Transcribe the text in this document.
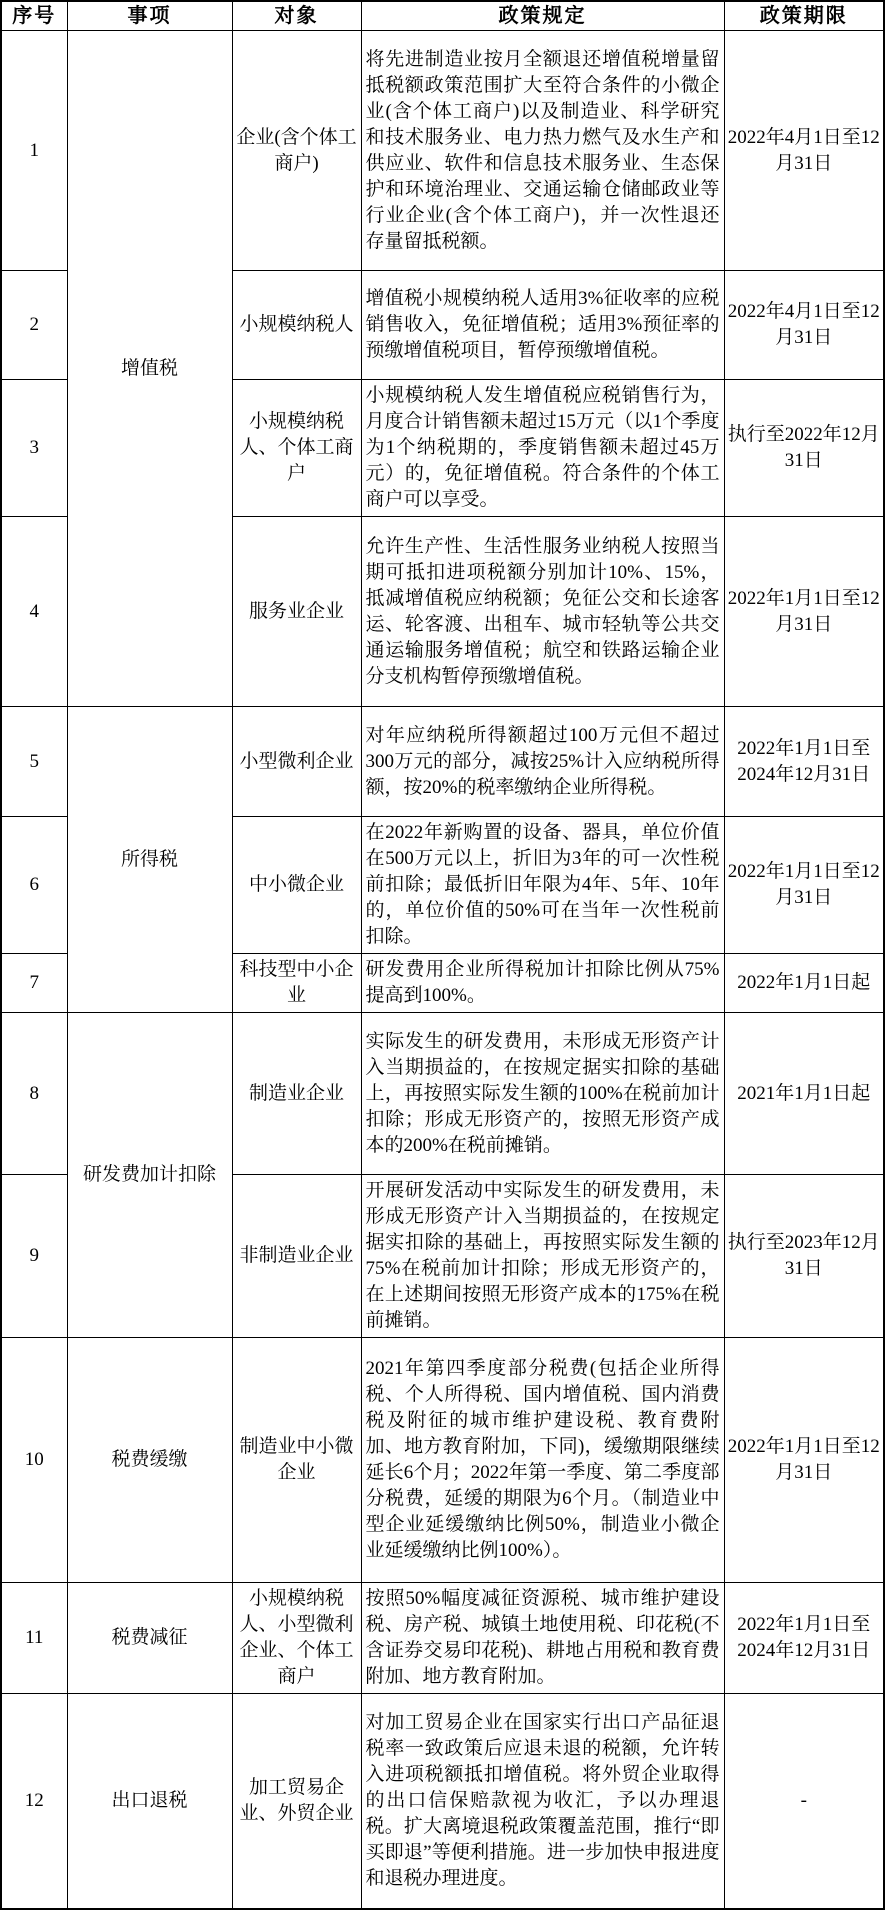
序号	事项	对象	政策规定	政策期限
1	增值税	企业(含个体工商户)	将先进制造业按月全额退还增值税增量留抵税额政策范围扩大至符合条件的小微企业(含个体工商户)以及制造业、科学研究和技术服务业、电力热力燃气及水生产和供应业、软件和信息技术服务业、生态保护和环境治理业、交通运输仓储邮政业等行业企业(含个体工商户)，并一次性退还存量留抵税额。	2022年4月1日至12月31日
2		小规模纳税人	增值税小规模纳税人适用3%征收率的应税销售收入，免征增值税；适用3%预征率的预缴增值税项目，暂停预缴增值税。	2022年4月1日至12月31日
3		小规模纳税人、个体工商户	小规模纳税人发生增值税应税销售行为，月度合计销售额未超过15万元（以1个季度为1个纳税期的，季度销售额未超过45万元）的，免征增值税。符合条件的个体工商户可以享受。	执行至2022年12月31日
4		服务业企业	允许生产性、生活性服务业纳税人按照当期可抵扣进项税额分别加计10%、15%，抵减增值税应纳税额；免征公交和长途客运、轮客渡、出租车、城市轻轨等公共交通运输服务增值税；航空和铁路运输企业分支机构暂停预缴增值税。	2022年1月1日至12月31日
5	所得税	小型微利企业	对年应纳税所得额超过100万元但不超过300万元的部分，减按25%计入应纳税所得额，按20%的税率缴纳企业所得税。	2022年1月1日至2024年12月31日
6		中小微企业	在2022年新购置的设备、器具，单位价值在500万元以上，折旧为3年的可一次性税前扣除；最低折旧年限为4年、5年、10年的，单位价值的50%可在当年一次性税前扣除。	2022年1月1日至12月31日
7		科技型中小企业	研发费用企业所得税加计扣除比例从75%提高到100%。	2022年1月1日起
8	研发费加计扣除	制造业企业	实际发生的研发费用，未形成无形资产计入当期损益的，在按规定据实扣除的基础上，再按照实际发生额的100%在税前加计扣除；形成无形资产的，按照无形资产成本的200%在税前摊销。	2021年1月1日起
9		非制造业企业	开展研发活动中实际发生的研发费用，未形成无形资产计入当期损益的，在按规定据实扣除的基础上，再按照实际发生额的75%在税前加计扣除；形成无形资产的，在上述期间按照无形资产成本的175%在税前摊销。	执行至2023年12月31日
10	税费缓缴	制造业中小微企业	2021年第四季度部分税费(包括企业所得税、个人所得税、国内增值税、国内消费税及附征的城市维护建设税、教育费附加、地方教育附加，下同)，缓缴期限继续延长6个月；2022年第一季度、第二季度部分税费，延缓的期限为6个月。（制造业中型企业延缓缴纳比例50%，制造业小微企业延缓缴纳比例100%）。	2022年1月1日至12月31日
11	税费减征	小规模纳税人、小型微利企业、个体工商户	按照50%幅度减征资源税、城市维护建设税、房产税、城镇土地使用税、印花税(不含证券交易印花税)、耕地占用税和教育费附加、地方教育附加。	2022年1月1日至2024年12月31日
12	出口退税	加工贸易企业、外贸企业	对加工贸易企业在国家实行出口产品征退税率一致政策后应退未退的税额，允许转入进项税额抵扣增值税。将外贸企业取得的出口信保赔款视为收汇，予以办理退税。扩大离境退税政策覆盖范围，推行“即买即退”等便利措施。进一步加快申报进度和退税办理进度。	-
